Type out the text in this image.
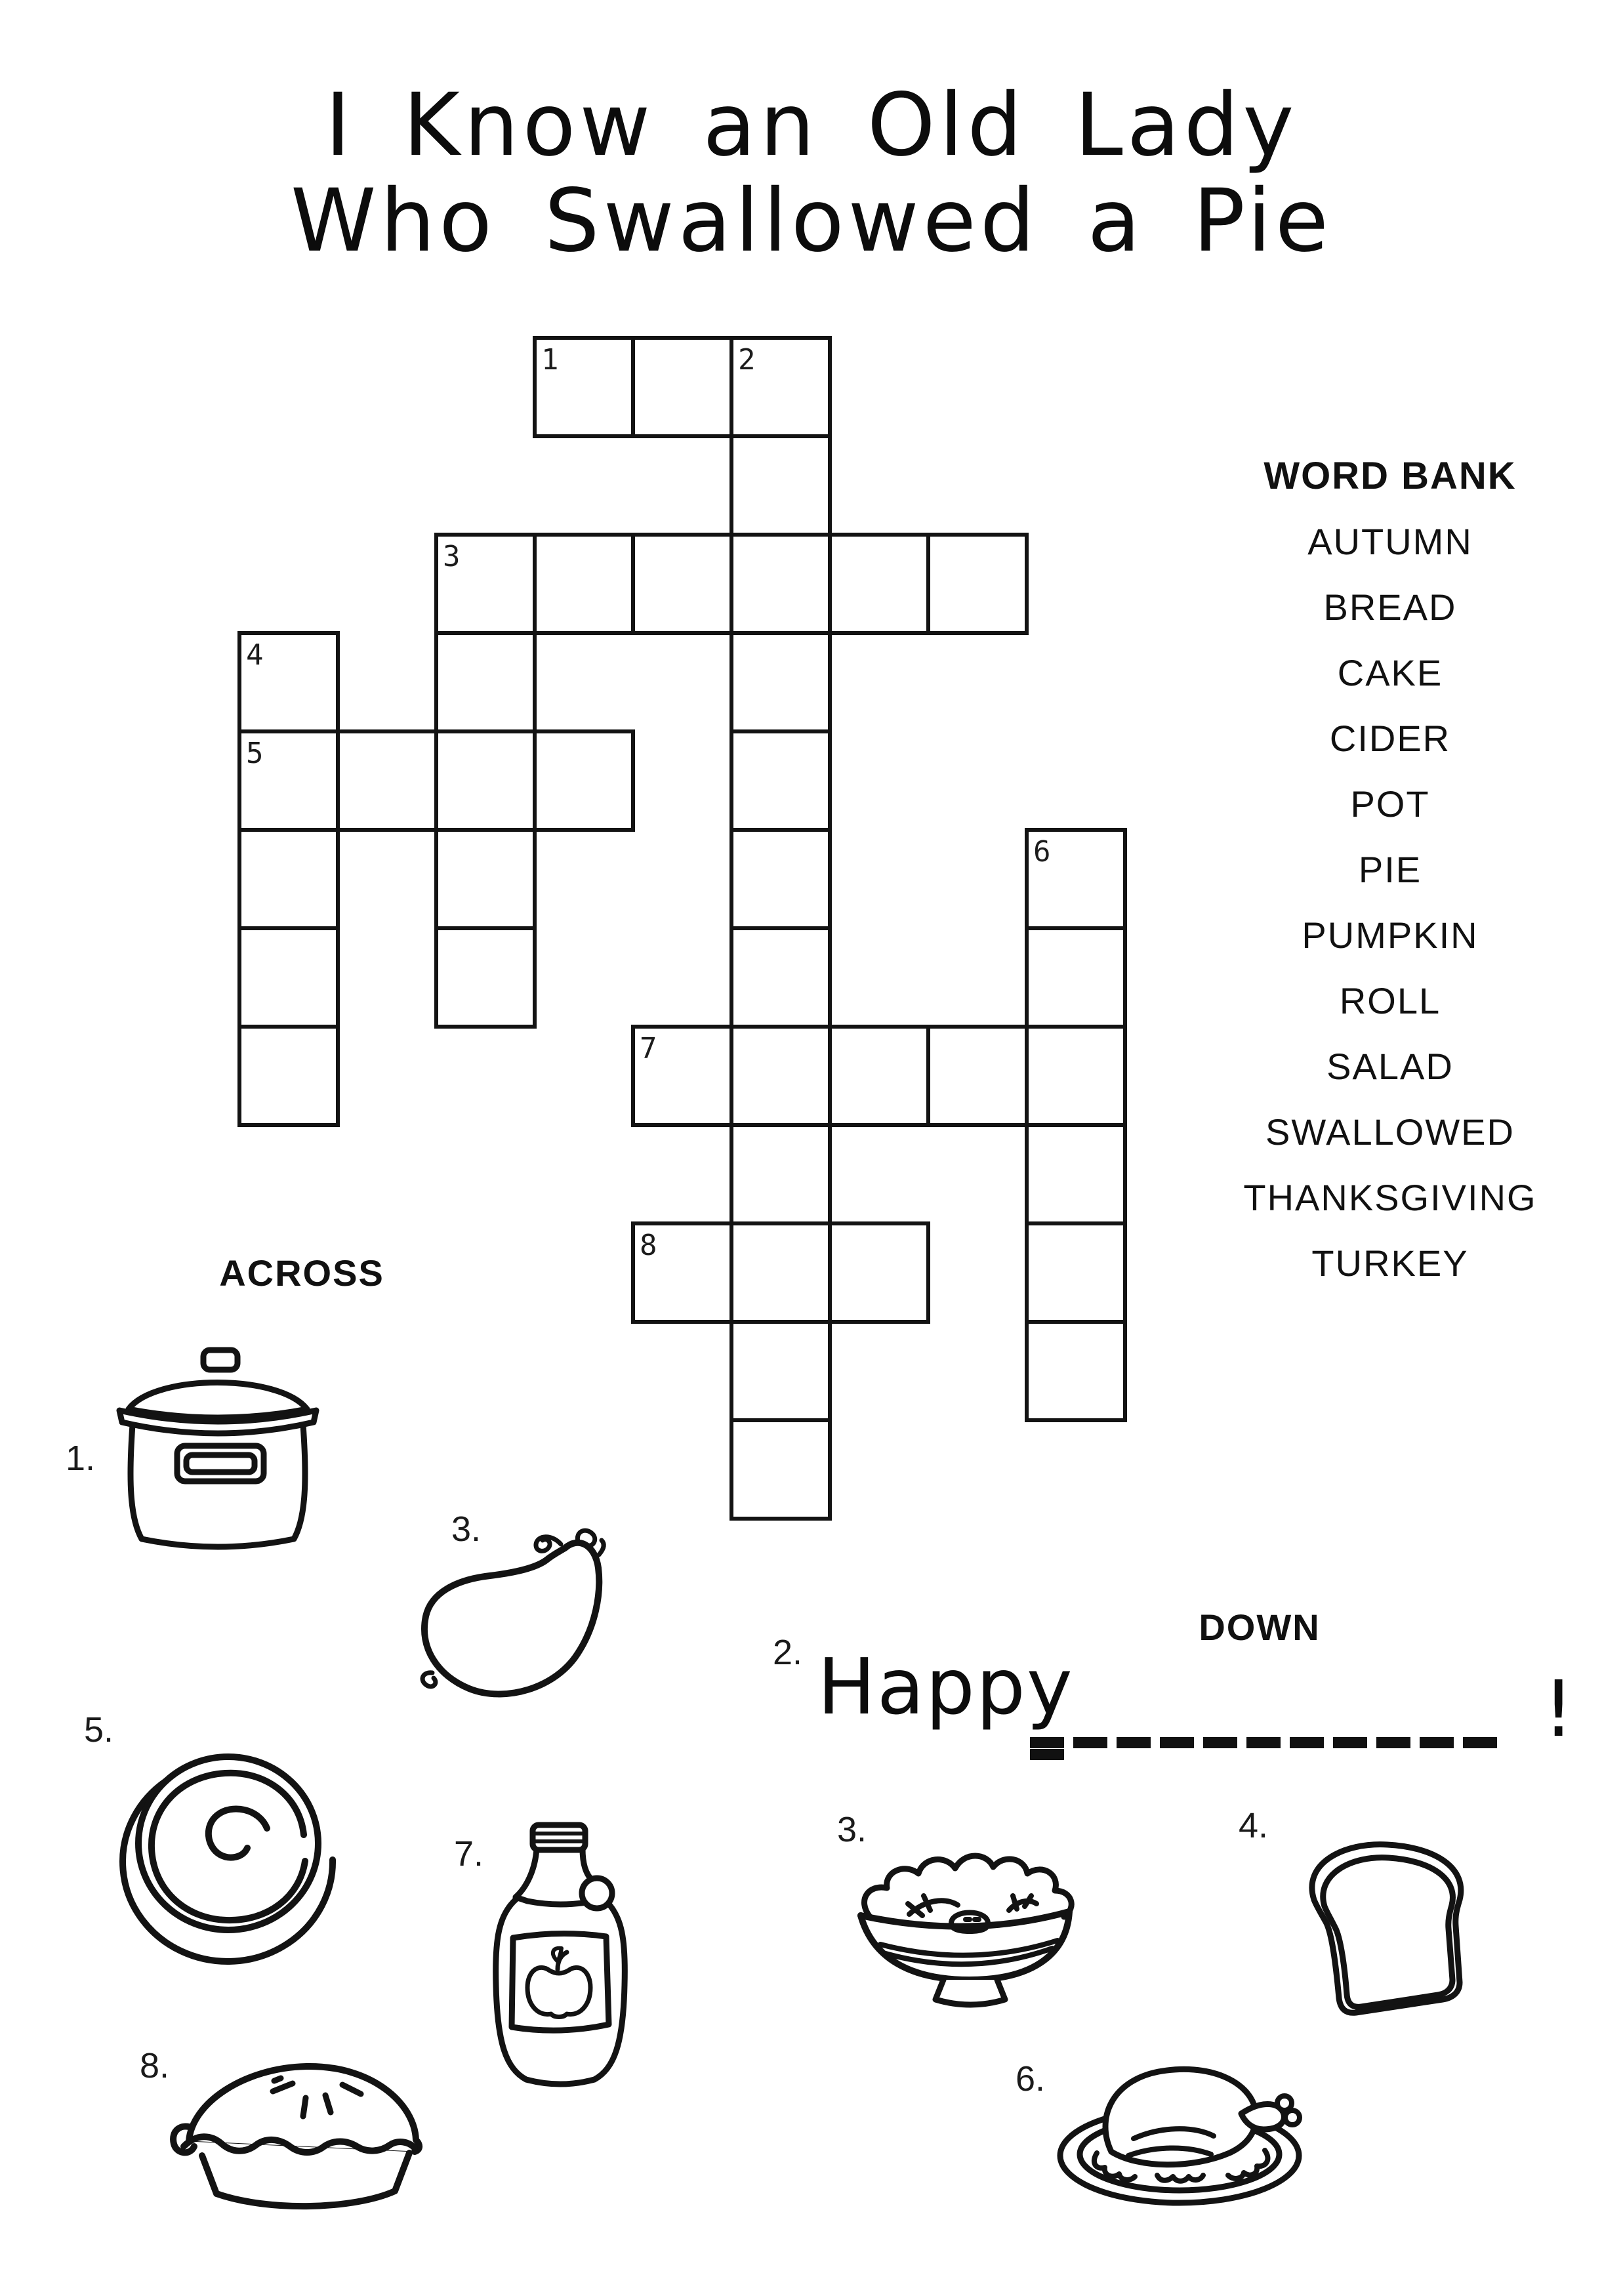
I Know an Old Lady
Who Swallowed a Pie
1	2
3
4
5
6
7
8
WORD BANK
AUTUMN
BREAD
CAKE
CIDER
POT
PIE
PUMPKIN
ROLL
SALAD
SWALLOWED
THANKSGIVING
TURKEY
ACROSS
DOWN
1.
3.
5.
7.
8.
2.
3.	4.
6.
Happy	!
